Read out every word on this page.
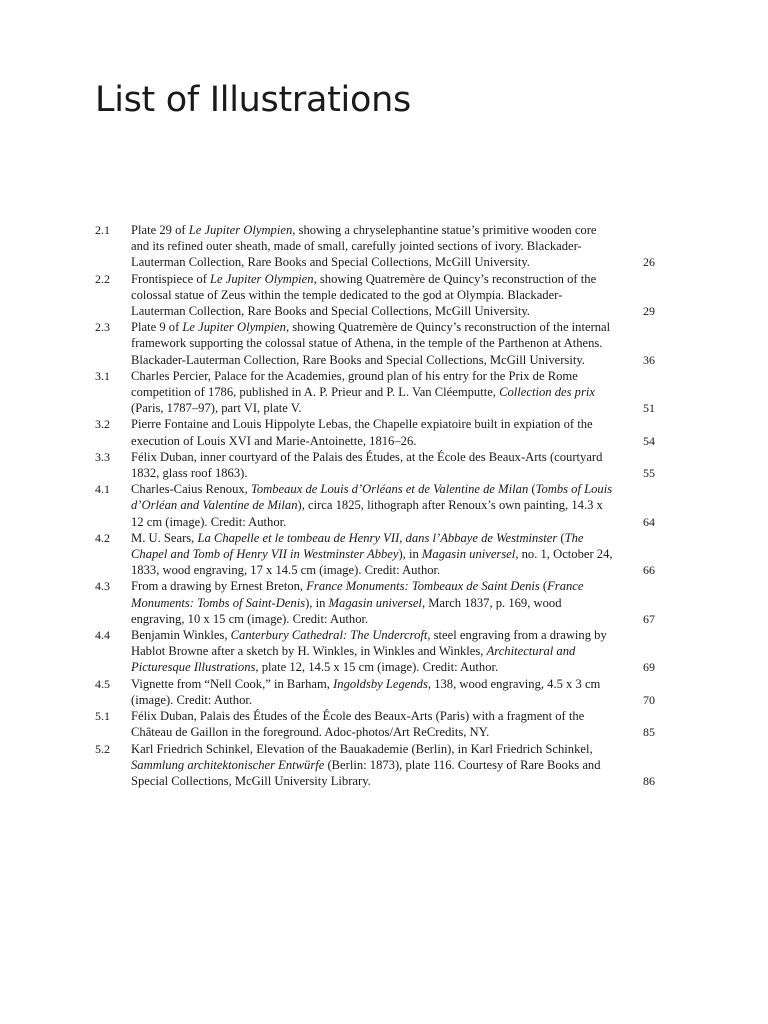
List of Illustrations
2.1	Plate 29 of Le Jupiter Olympien, showing a chryselephantine statue’s primitive wooden core and its refined outer sheath, made of small, carefully jointed sections of ivory. Blackader-Lauterman Collection, Rare Books and Special Collections, McGill University.	26
2.2	Frontispiece of Le Jupiter Olympien, showing Quatremère de Quincy’s reconstruction of the colossal statue of Zeus within the temple dedicated to the god at Olympia. Blackader-Lauterman Collection, Rare Books and Special Collections, McGill University.	29
2.3	Plate 9 of Le Jupiter Olympien, showing Quatremère de Quincy’s reconstruction of the internal framework supporting the colossal statue of Athena, in the temple of the Parthenon at Athens. Blackader-Lauterman Collection, Rare Books and Special Collections, McGill University.	36
3.1	Charles Percier, Palace for the Academies, ground plan of his entry for the Prix de Rome competition of 1786, published in A. P. Prieur and P. L. Van Cléemputte, Collection des prix (Paris, 1787–97), part VI, plate V.	51
3.2	Pierre Fontaine and Louis Hippolyte Lebas, the Chapelle expiatoire built in expiation of the execution of Louis XVI and Marie-Antoinette, 1816–26.	54
3.3	Félix Duban, inner courtyard of the Palais des Études, at the École des Beaux-Arts (courtyard 1832, glass roof 1863).	55
4.1	Charles-Caius Renoux, Tombeaux de Louis d’Orléans et de Valentine de Milan (Tombs of Louis d’Orléan and Valentine de Milan), circa 1825, lithograph after Renoux’s own painting, 14.3 x 12 cm (image). Credit: Author.	64
4.2	M. U. Sears, La Chapelle et le tombeau de Henry VII, dans l’Abbaye de Westminster (The Chapel and Tomb of Henry VII in Westminster Abbey), in Magasin universel, no. 1, October 24, 1833, wood engraving, 17 x 14.5 cm (image). Credit: Author.	66
4.3	From a drawing by Ernest Breton, France Monuments: Tombeaux de Saint Denis (France Monuments: Tombs of Saint-Denis), in Magasin universel, March 1837, p. 169, wood engraving, 10 x 15 cm (image). Credit: Author.	67
4.4	Benjamin Winkles, Canterbury Cathedral: The Undercroft, steel engraving from a drawing by Hablot Browne after a sketch by H. Winkles, in Winkles and Winkles, Architectural and Picturesque Illustrations, plate 12, 14.5 x 15 cm (image). Credit: Author.	69
4.5	Vignette from “Nell Cook,” in Barham, Ingoldsby Legends, 138, wood engraving, 4.5 x 3 cm (image). Credit: Author.	70
5.1	Félix Duban, Palais des Études of the École des Beaux-Arts (Paris) with a fragment of the Château de Gaillon in the foreground. Adoc-photos/Art ReCredits, NY.	85
5.2	Karl Friedrich Schinkel, Elevation of the Bauakademie (Berlin), in Karl Friedrich Schinkel, Sammlung architektonischer Entwürfe (Berlin: 1873), plate 116. Courtesy of Rare Books and Special Collections, McGill University Library.	86
